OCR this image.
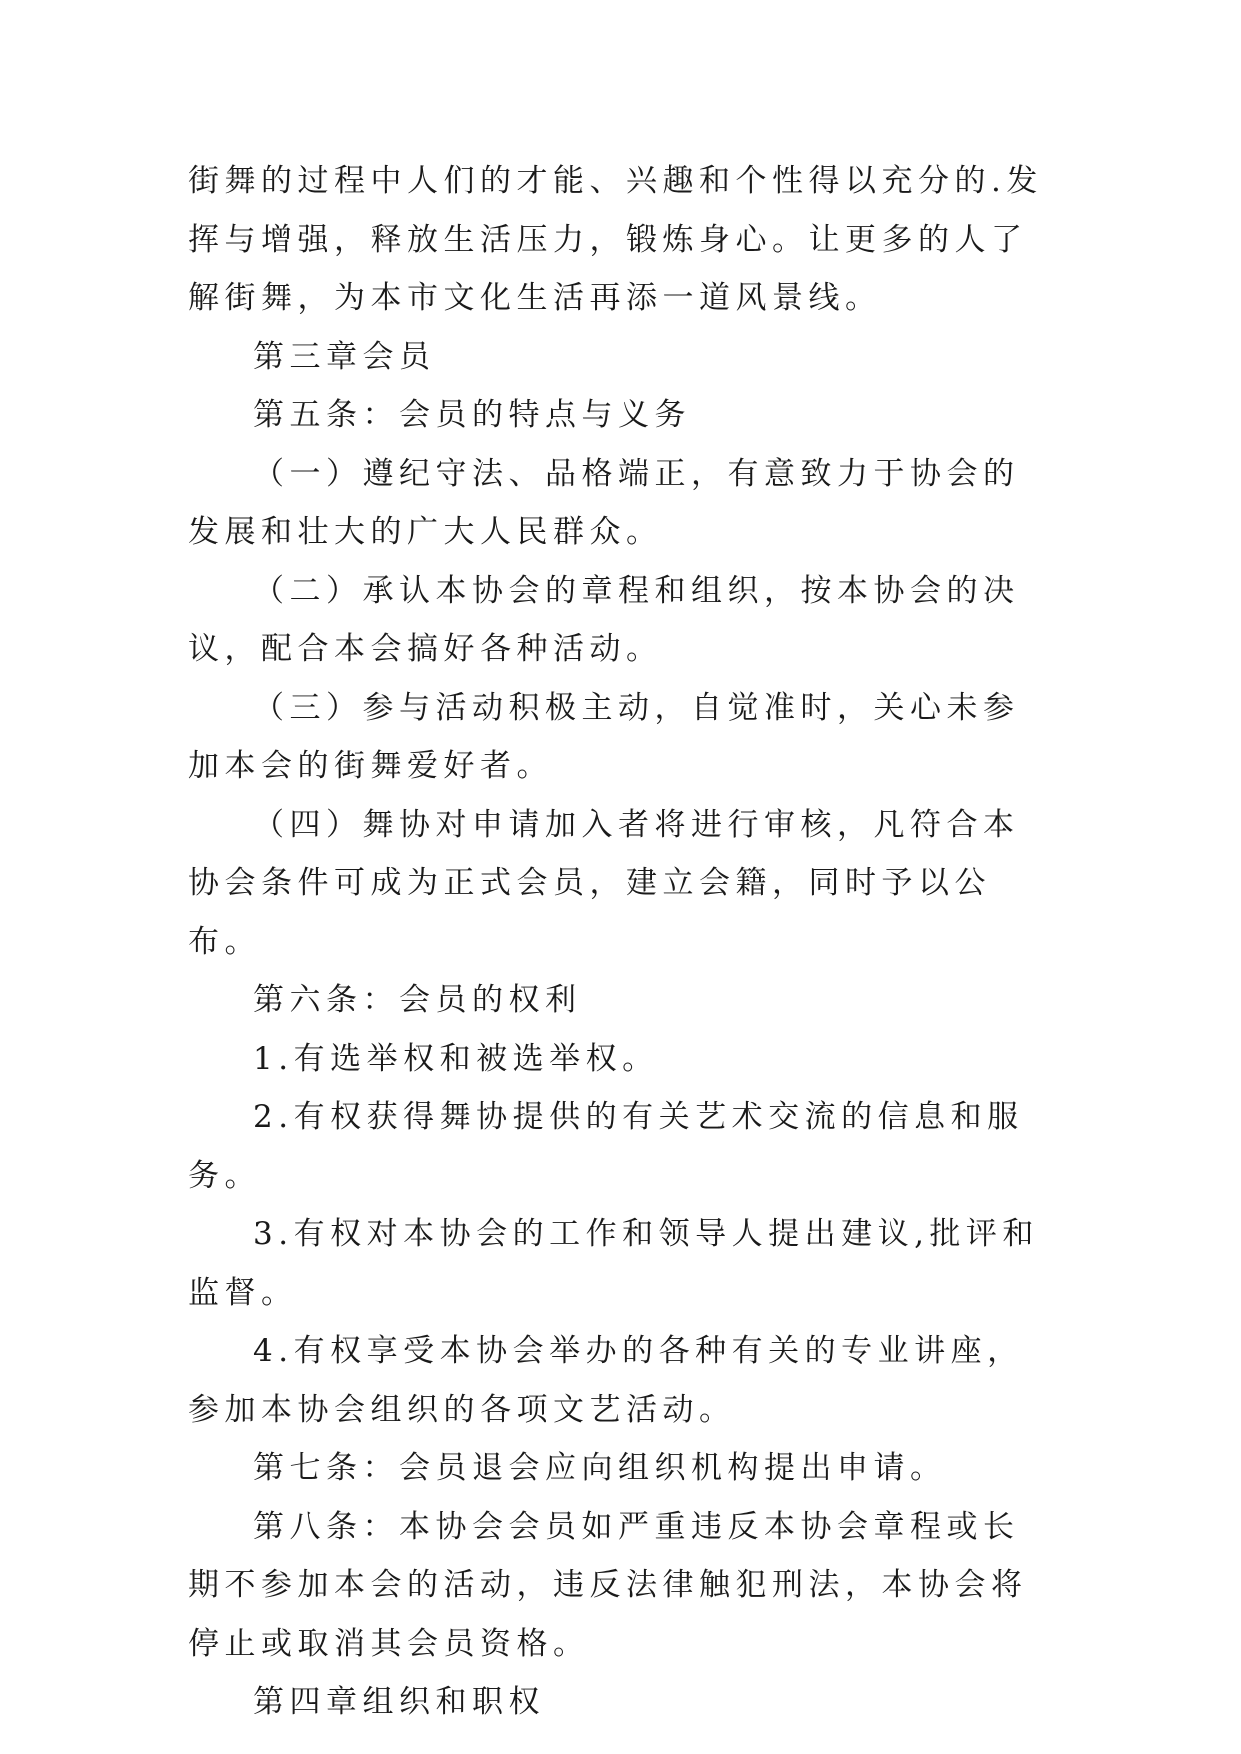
街舞的过程中人们的才能、兴趣和个性得以充分的.发挥与增强，释放生活压力，锻炼身心。让更多的人了解街舞，为本市文化生活再添一道风景线。

第三章会员

第五条：会员的特点与义务

（一）遵纪守法、品格端正，有意致力于协会的发展和壮大的广大人民群众。

（二）承认本协会的章程和组织，按本协会的决议，配合本会搞好各种活动。

（三）参与活动积极主动，自觉准时，关心未参加本会的街舞爱好者。

（四）舞协对申请加入者将进行审核，凡符合本协会条件可成为正式会员，建立会籍，同时予以公布。

第六条：会员的权利

1.有选举权和被选举权。

2.有权获得舞协提供的有关艺术交流的信息和服务。

3.有权对本协会的工作和领导人提出建议,批评和监督。

4.有权享受本协会举办的各种有关的专业讲座，参加本协会组织的各项文艺活动。

第七条：会员退会应向组织机构提出申请。

第八条：本协会会员如严重违反本协会章程或长期不参加本会的活动，违反法律触犯刑法，本协会将停止或取消其会员资格。

第四章组织和职权
